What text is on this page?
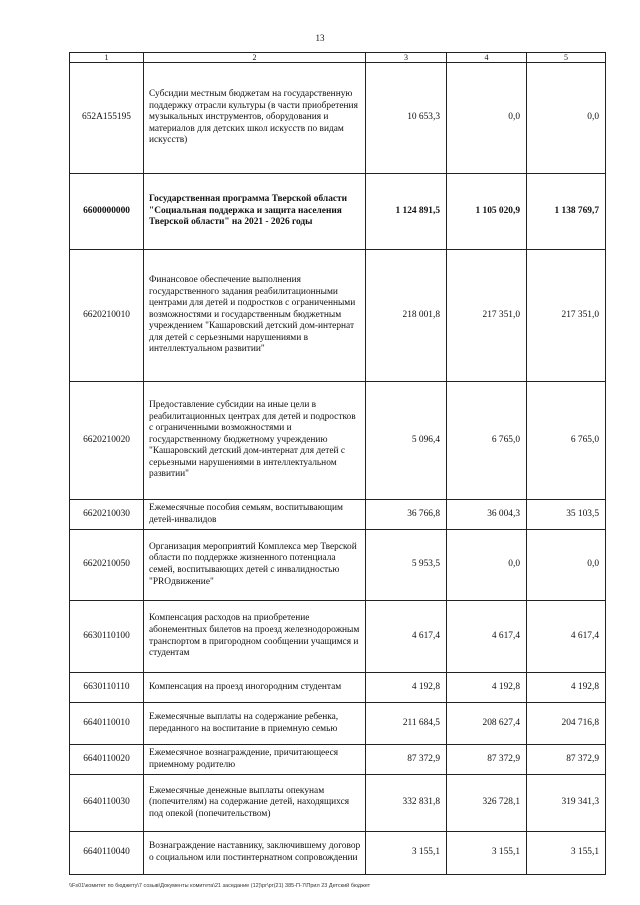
13
1	2	3	4	5
652A155195	Субсидии местным бюджетам на государственную поддержку отрасли культуры (в части приобретения музыкальных инструментов, оборудования и материалов для детских школ искусств по видам искусств)	10 653,3	0,0	0,0
6600000000	Государственная программа Тверской области "Социальная поддержка и защита населения Тверской области" на 2021 - 2026 годы	1 124 891,5	1 105 020,9	1 138 769,7
6620210010	Финансовое обеспечение выполнения государственного задания реабилитационными центрами для детей и подростков с ограниченными возможностями и государственным бюджетным учреждением "Кашаровский детский дом-интернат для детей с серьезными нарушениями в интеллектуальном развитии"	218 001,8	217 351,0	217 351,0
6620210020	Предоставление субсидии на иные цели в реабилитационных центрах для детей и подростков с ограниченными возможностями и государственному бюджетному учреждению "Кашаровский детский дом-интернат для детей с серьезными нарушениями в интеллектуальном развитии"	5 096,4	6 765,0	6 765,0
6620210030	Ежемесячные пособия семьям, воспитывающим детей-инвалидов	36 766,8	36 004,3	35 103,5
6620210050	Организация мероприятий Комплекса мер Тверской области по поддержке жизненного потенциала семей, воспитывающих детей с инвалидностью "PROдвижение"	5 953,5	0,0	0,0
6630110100	Компенсация расходов на приобретение абонементных билетов на проезд железнодорожным транспортом в пригородном сообщении учащимся и студентам	4 617,4	4 617,4	4 617,4
6630110110	Компенсация на проезд иногородним студентам	4 192,8	4 192,8	4 192,8
6640110010	Ежемесячные выплаты на содержание ребенка, переданного на воспитание в приемную семью	211 684,5	208 627,4	204 716,8
6640110020	Ежемесячное вознаграждение, причитающееся приемному родителю	87 372,9	87 372,9	87 372,9
6640110030	Ежемесячные денежные выплаты опекунам (попечителям) на содержание детей, находящихся под опекой (попечительством)	332 831,8	326 728,1	319 341,3
6640110040	Вознаграждение наставнику, заключившему договор о социальном или постинтернатном сопровождении	3 155,1	3 155,1	3 155,1
\\Fs01\комитет по бюджету\7 созыв\Документы комитета\21 заседание (12)\рг\рг(21) 385-П-7\Прил 23 Детский бюджет
